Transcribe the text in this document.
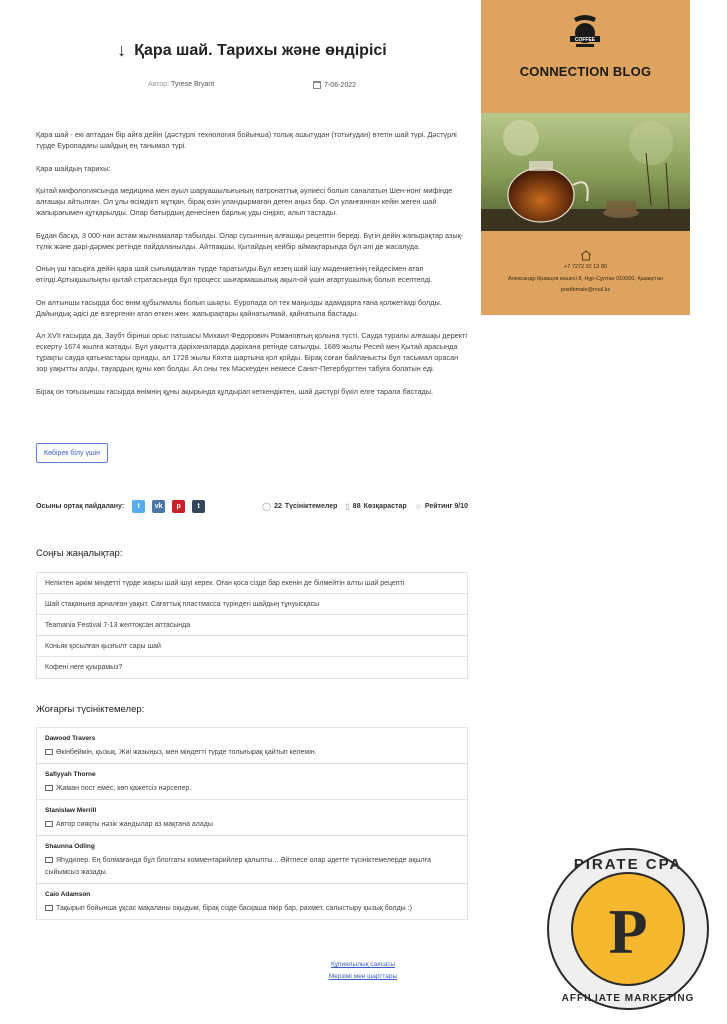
↓ Қара шай. Тарихы және өндірісі
Автор: Tyrese Bryant	7-06-2022

Қара шай - екі аптадан бір айға дейін (дәстүрлі технология бойынша) толық ашытудан (тотығудан) өтетін шай түрі. Дәстүрлі түрде Еуропадағы шайдың ең танымал түрі.

Қара шайдың тарихы:

Қытай мифологиясында медицина мен ауыл шаруашылығының патронаттық әулиесі болып саналатын Шен-нонг мифінде алғашқы айтылған. Ол ұлы өсімдікті жұтқан, бірақ өзін уландырмаған деген аңыз бар. Ол уланғаннан кейін жеген шай жапырағымен құтқарылды. Олар батырдың денесінен барлық уды сіңіріп, алып тастады.

Бұдан басқа, 3 000-нан астам жылнамалар табылды. Олар сусынның алғашқы рецептін береді. Бүгін дейін жапырақтар азық-түлік және дәрі-дәрмек ретінде пайдаланылды. Айтпақшы, Қытайдың кейбір аймақтарында бұл әлі де жасалуда.

Оның үш ғасырға дейін қара шай сығымдалған түрде таратылды.Бұл кезең шай ішу мәдениетінің гейдесімен атап өтілді.Артықшылықты қытай стратасында бұл процесс шығармашылық ақыл-ой үшін ағартушылық болып есептелді.

Он алтыншы ғасырда бос өнім құбылмалы болып шықты. Еуропада ол тек маңызды адамдарға ғана қолжетімді болды. Дайындық әдісі де өзгергенін атап өткен жөн: жапырақтары қайнатылмай, қайнатыла бастады.

Ал XVII ғасырда да, Заубт бірінші орыс патшасы Михаил Федорович Романовтың қолына түсті. Сауда туралы алғашқы деректі ескерту 1674 жылға жатады. Бұл уақытта дәріханаларда дәріхана ретінде сатылды. 1689 жылы Ресей мен Қытай арасында тұрақты сауда қатынастары орнады, ал 1728 жылы Кяхта шартына қол қойды. Бірақ соған байланысты бұл тасымал орасан зор уақытты алды, тауардың құны көп болды. Ал оны тек Мәскеуден немесе Санкт-Петербургтен табуға болатын еді.

Бірақ он тоғызыншы ғасырда өнімнің құны ақырында құлдырап кеткендіктен, шай дәстүрі бүкіл елге тарала бастады.

Көбірек білу үшін
Осыны ортақ пайдалану:	t	vk	p	t	◯ 22 Түсініктемелер ▯ 88 Көзқарастар ☆ Рейтинг 9/10
Соңғы жаңалықтар:
Неліктен әркім міндетті түрде жақсы шай ішуі керек. Оған қоса сізде бар екенін де білмейтін алты шай рецепті
Шай стақанына арналған уақыт. Сағаттық пластмасса түріндегі шайдың тұнуысқасы
Teamania Festival 7-13 желтоқсан аптасында
Коньяк қосылған қызғылт сары шай
Кофені неге қуырамыз?
Жоғарғы түсініктемелер:
Dawood Travers
Өкінбеймін, қызық. Жиі жазыңыз, мен міндетті түрде толығырақ қайтып келемін.
Safiyyah Thorne
Жаман пост емес, көп қажетсіз нәрселер.
Stanislaw Merrill
Автор сияқты нәзік жандылар аз мақтана алады
Shaunna Odling
Яһудилер. Ең болмағанда бұл блоггаты комментарийлер қалыпты... Әйтпесе олар әдетте түсініктемелерде ақылға сыйымсыз жазады.
Caio Adamson
Тақырып бойынша ұқсас мақаланы оқыдым, бірақ сізде басқаша пікір бар, рахмет, салыстыру қызық болды :)
Құпиялылық саясаты
Мерзімі мен шарттары
COFFEE
CONNECTION BLOG
+7 7272 32 13 80
Александр Кравцов көшесі 8, Нұр-Сұлтан 010000, Қазақстан
postfemale@mail.kz
P
PIRATE CPA
AFFILIATE MARKETING
